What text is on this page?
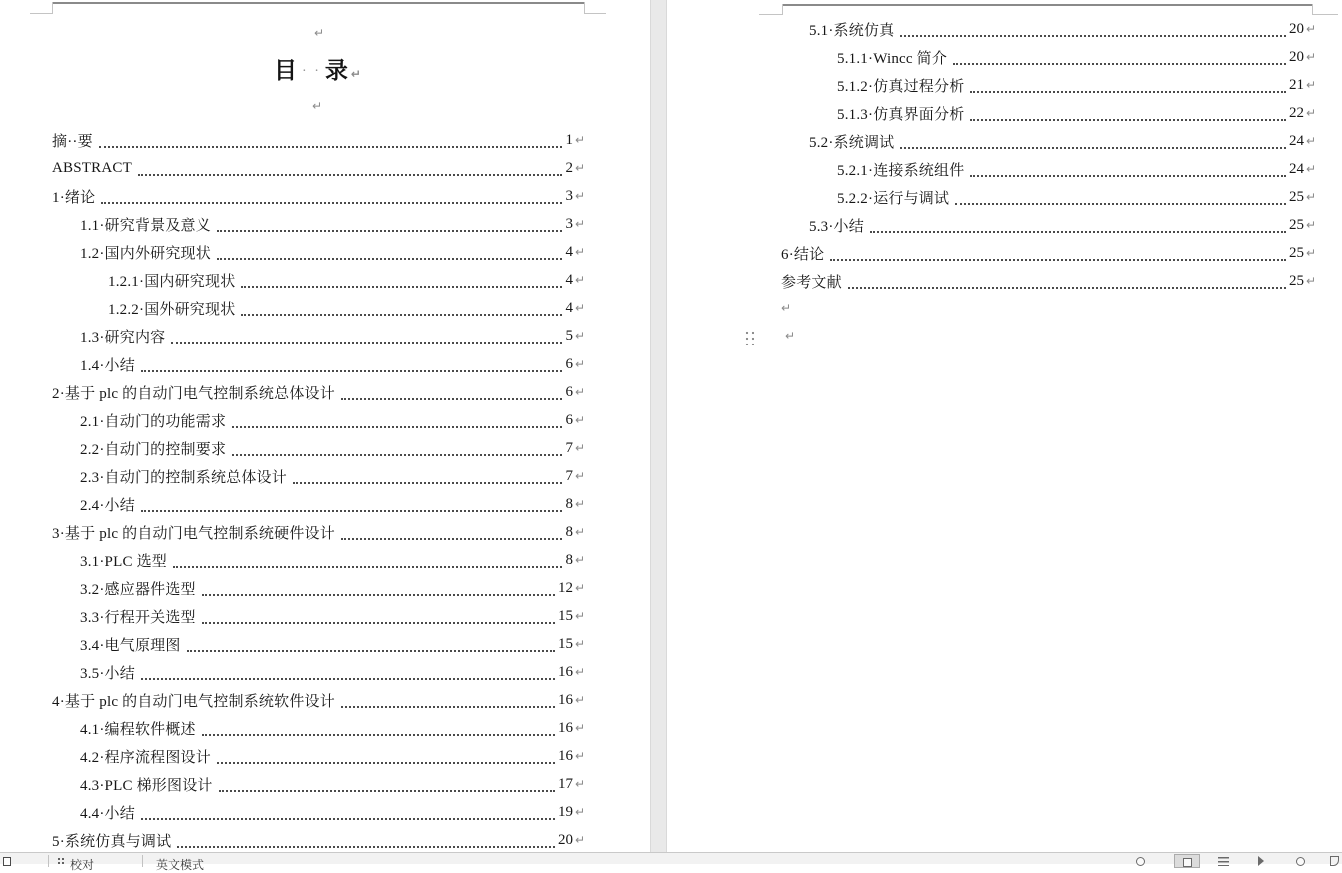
↵
目 · · 录 ↵
↵
摘··要	1 ↵
ABSTRACT	2 ↵
1·绪论	3 ↵
1.1·研究背景及意义	3 ↵
1.2·国内外研究现状	4 ↵
1.2.1·国内研究现状	4 ↵
1.2.2·国外研究现状	4 ↵
1.3·研究内容	5 ↵
1.4·小结	6 ↵
2·基于 plc 的自动门电气控制系统总体设计	6 ↵
2.1·自动门的功能需求	6 ↵
2.2·自动门的控制要求	7 ↵
2.3·自动门的控制系统总体设计	7 ↵
2.4·小结	8 ↵
3·基于 plc 的自动门电气控制系统硬件设计	8 ↵
3.1·PLC 选型	8 ↵
3.2·感应器件选型	12 ↵
3.3·行程开关选型	15 ↵
3.4·电气原理图	15 ↵
3.5·小结	16 ↵
4·基于 plc 的自动门电气控制系统软件设计	16 ↵
4.1·编程软件概述	16 ↵
4.2·程序流程图设计	16 ↵
4.3·PLC 梯形图设计	17 ↵
4.4·小结	19 ↵
5·系统仿真与调试	20 ↵
5.1·系统仿真	20 ↵
5.1.1·Wincc 简介	20 ↵
5.1.2·仿真过程分析	21 ↵
5.1.3·仿真界面分析	22 ↵
5.2·系统调试	24 ↵
5.2.1·连接系统组件	24 ↵
5.2.2·运行与调试	25 ↵
5.3·小结	25 ↵
6·结论	25 ↵
参考文献	25 ↵
↵
↵
校对	英文模式
